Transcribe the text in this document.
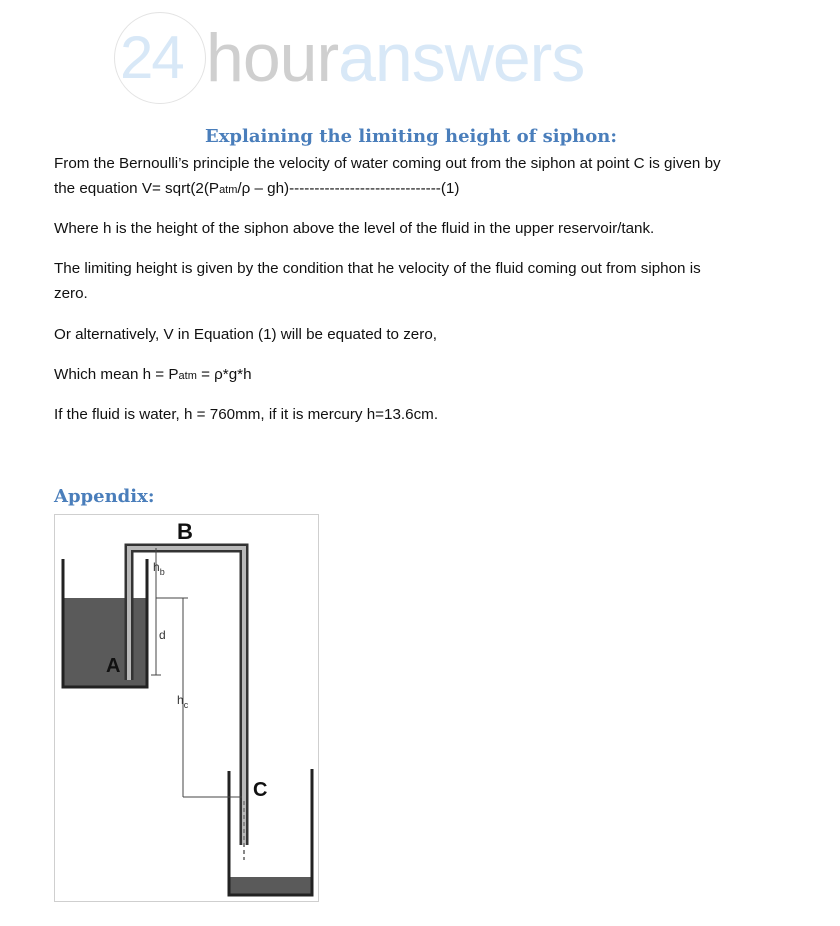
24 houranswers
Explaining the limiting height of siphon:

From the Bernoulli’s principle the velocity of water coming out from the siphon at point C is given by
the equation V= sqrt(2(Patm/ρ – gh)------------------------------(1)

Where h is the height of the siphon above the level of the fluid in the upper reservoir/tank.

The limiting height is given by the condition that he velocity of the fluid coming out from siphon is
zero.

Or alternatively, V in Equation (1) will be equated to zero,

Which mean h = Patm = ρ*g*h

If the fluid is water, h = 760mm, if it is mercury h=13.6cm.

Appendix:
B
A
C
$h_b$
d
$h_c$
